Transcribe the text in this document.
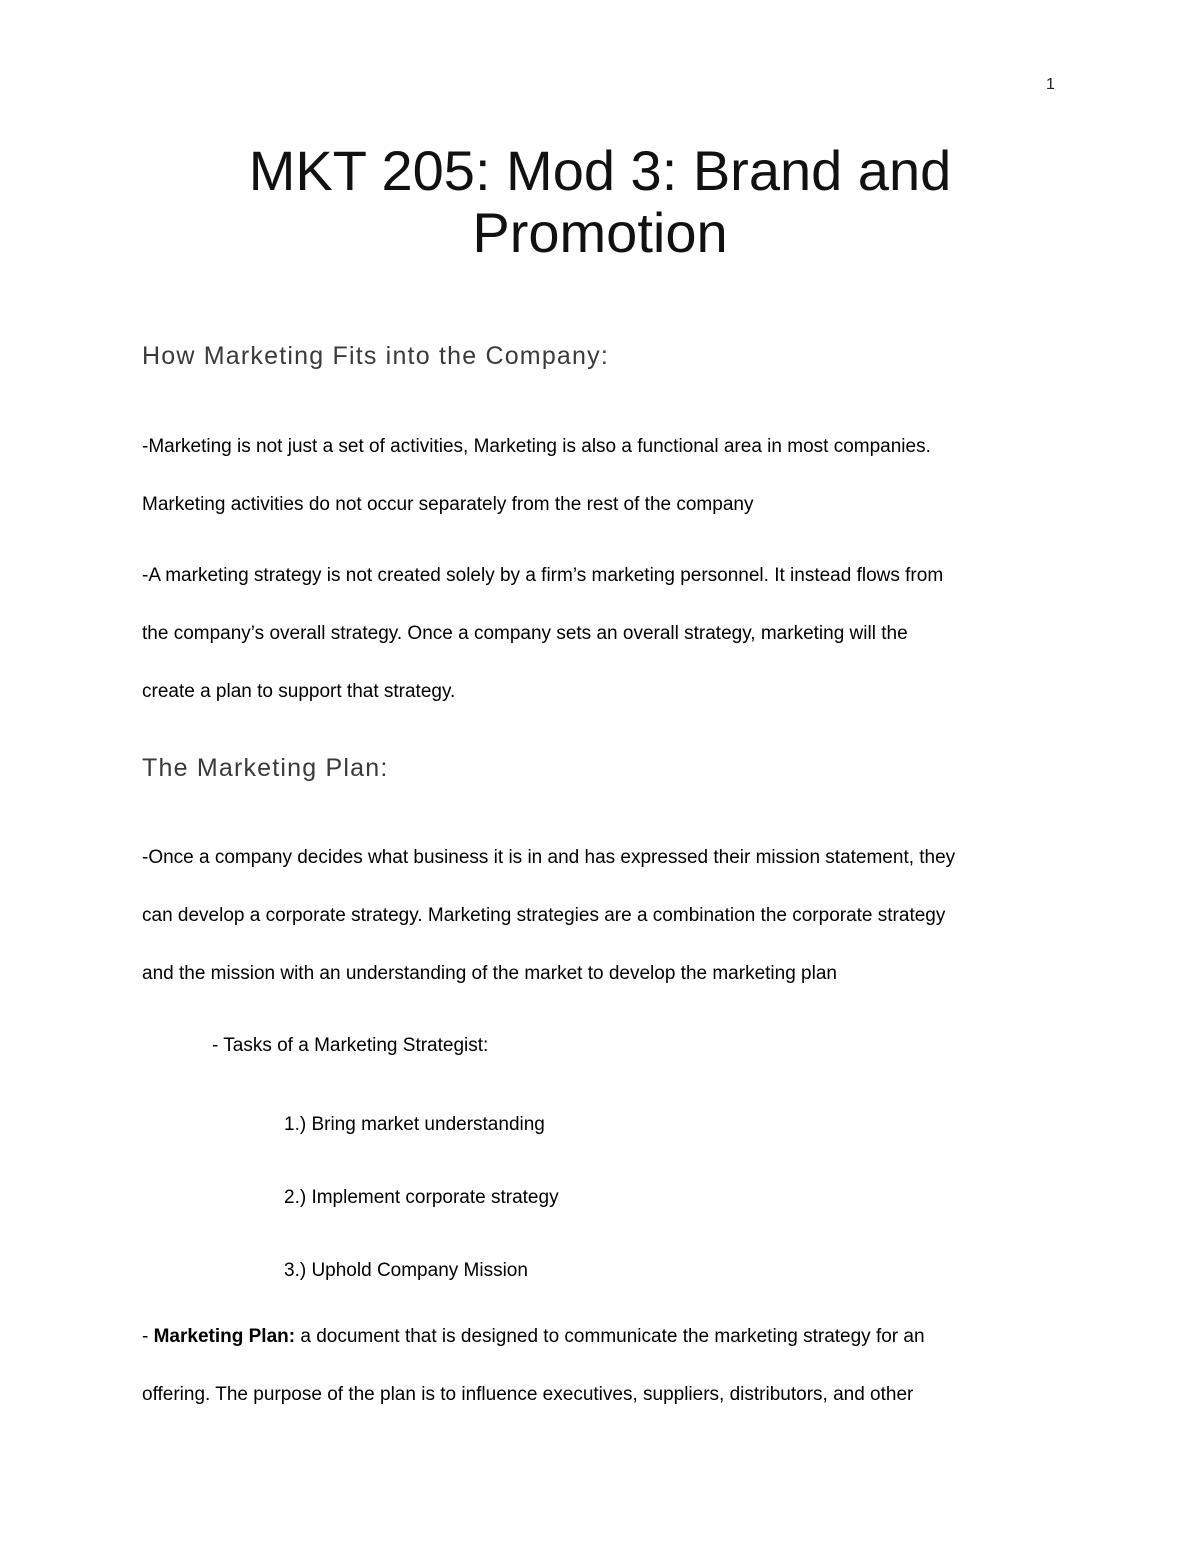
1
MKT 205: Mod 3: Brand and
Promotion
How Marketing Fits into the Company:
-Marketing is not just a set of activities, Marketing is also a functional area in most companies.
Marketing activities do not occur separately from the rest of the company
-A marketing strategy is not created solely by a firm’s marketing personnel. It instead flows from
the company’s overall strategy. Once a company sets an overall strategy, marketing will the
create a plan to support that strategy.
The Marketing Plan:
-Once a company decides what business it is in and has expressed their mission statement, they
can develop a corporate strategy. Marketing strategies are a combination the corporate strategy
and the mission with an understanding of the market to develop the marketing plan
- Tasks of a Marketing Strategist:
1.) Bring market understanding
2.) Implement corporate strategy
3.) Uphold Company Mission
- Marketing Plan: a document that is designed to communicate the marketing strategy for an
offering. The purpose of the plan is to influence executives, suppliers, distributors, and other
